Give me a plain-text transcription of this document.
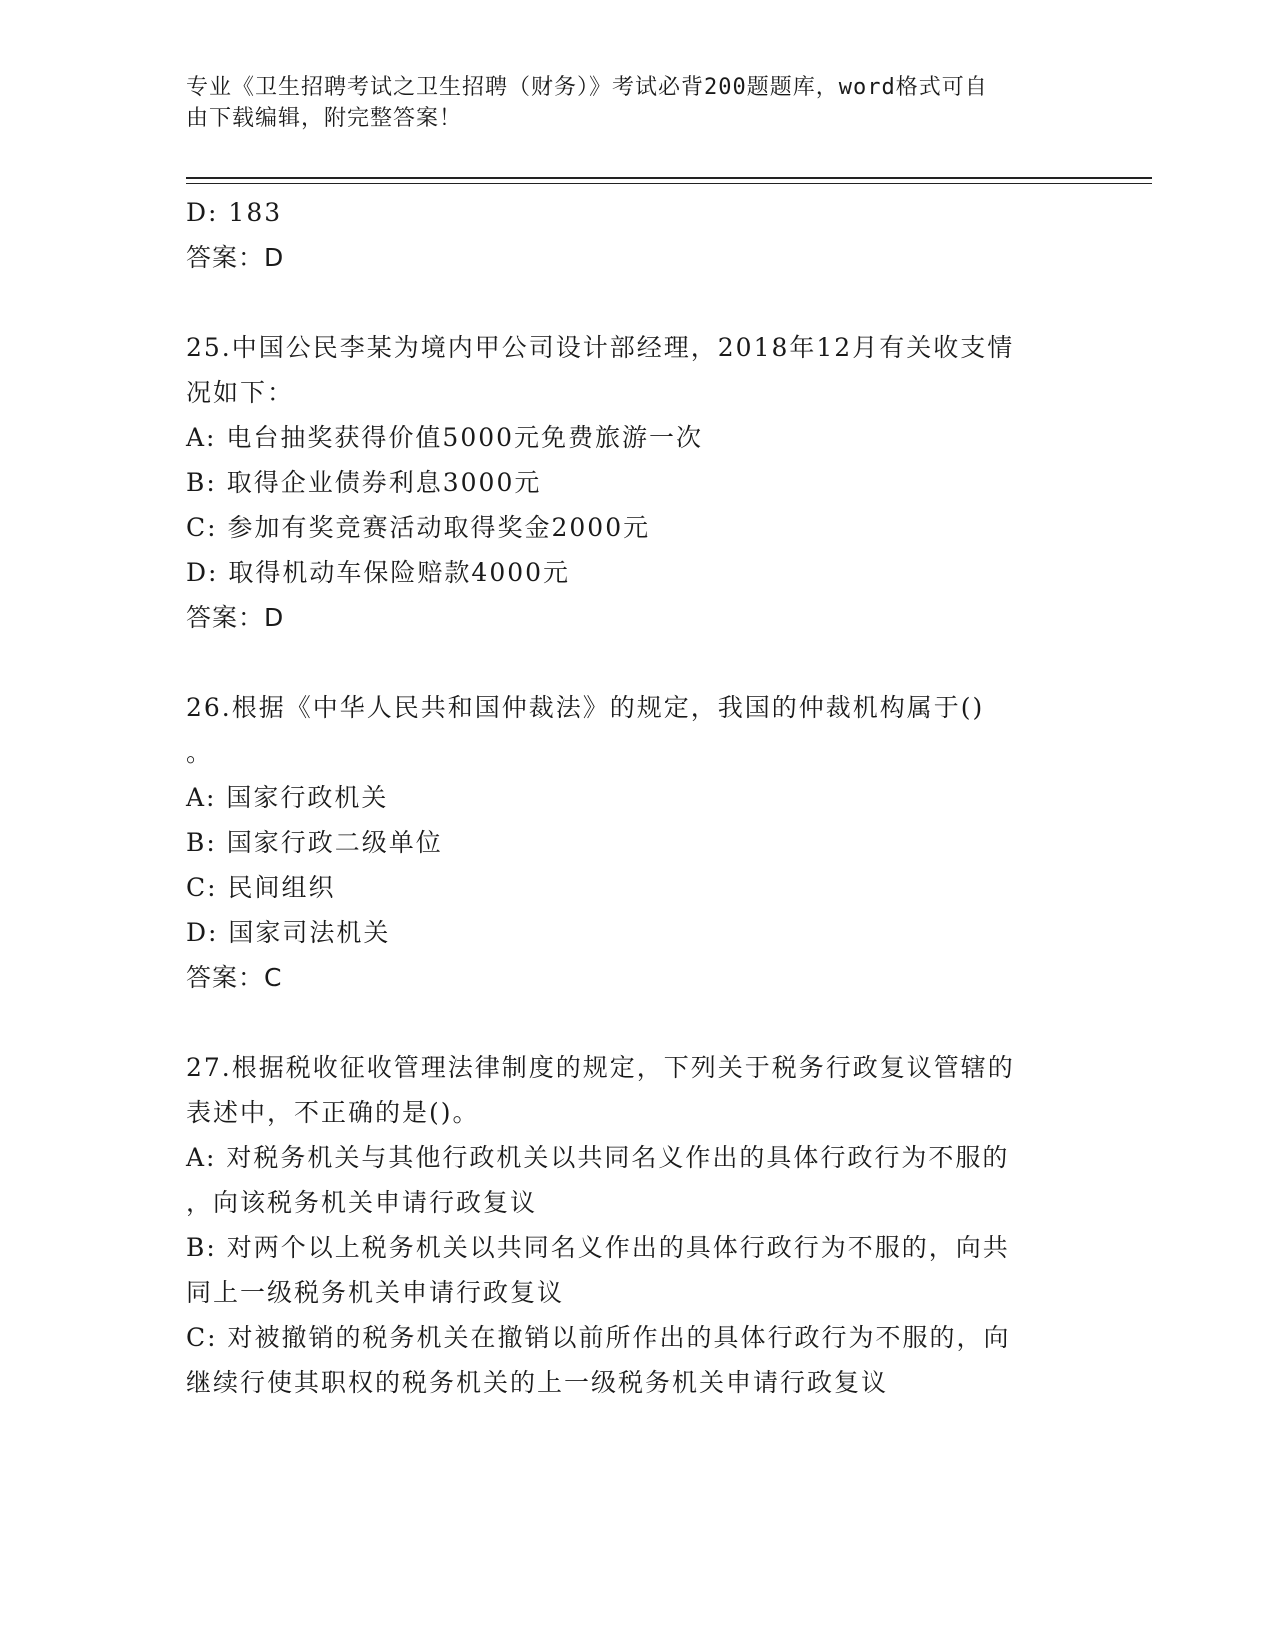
专业《卫生招聘考试之卫生招聘（财务）》考试必背200题题库，word格式可自
由下载编辑，附完整答案！
D: 183
答案：D
25.中国公民李某为境内甲公司设计部经理，2018年12月有关收支情
况如下：
A: 电台抽奖获得价值5000元免费旅游一次
B: 取得企业债券利息3000元
C: 参加有奖竞赛活动取得奖金2000元
D: 取得机动车保险赔款4000元
答案：D
26.根据《中华人民共和国仲裁法》的规定，我国的仲裁机构属于()
。
A: 国家行政机关
B: 国家行政二级单位
C: 民间组织
D: 国家司法机关
答案：C
27.根据税收征收管理法律制度的规定，下列关于税务行政复议管辖的
表述中，不正确的是()。
A: 对税务机关与其他行政机关以共同名义作出的具体行政行为不服的
，向该税务机关申请行政复议
B: 对两个以上税务机关以共同名义作出的具体行政行为不服的，向共
同上一级税务机关申请行政复议
C: 对被撤销的税务机关在撤销以前所作出的具体行政行为不服的，向
继续行使其职权的税务机关的上一级税务机关申请行政复议
